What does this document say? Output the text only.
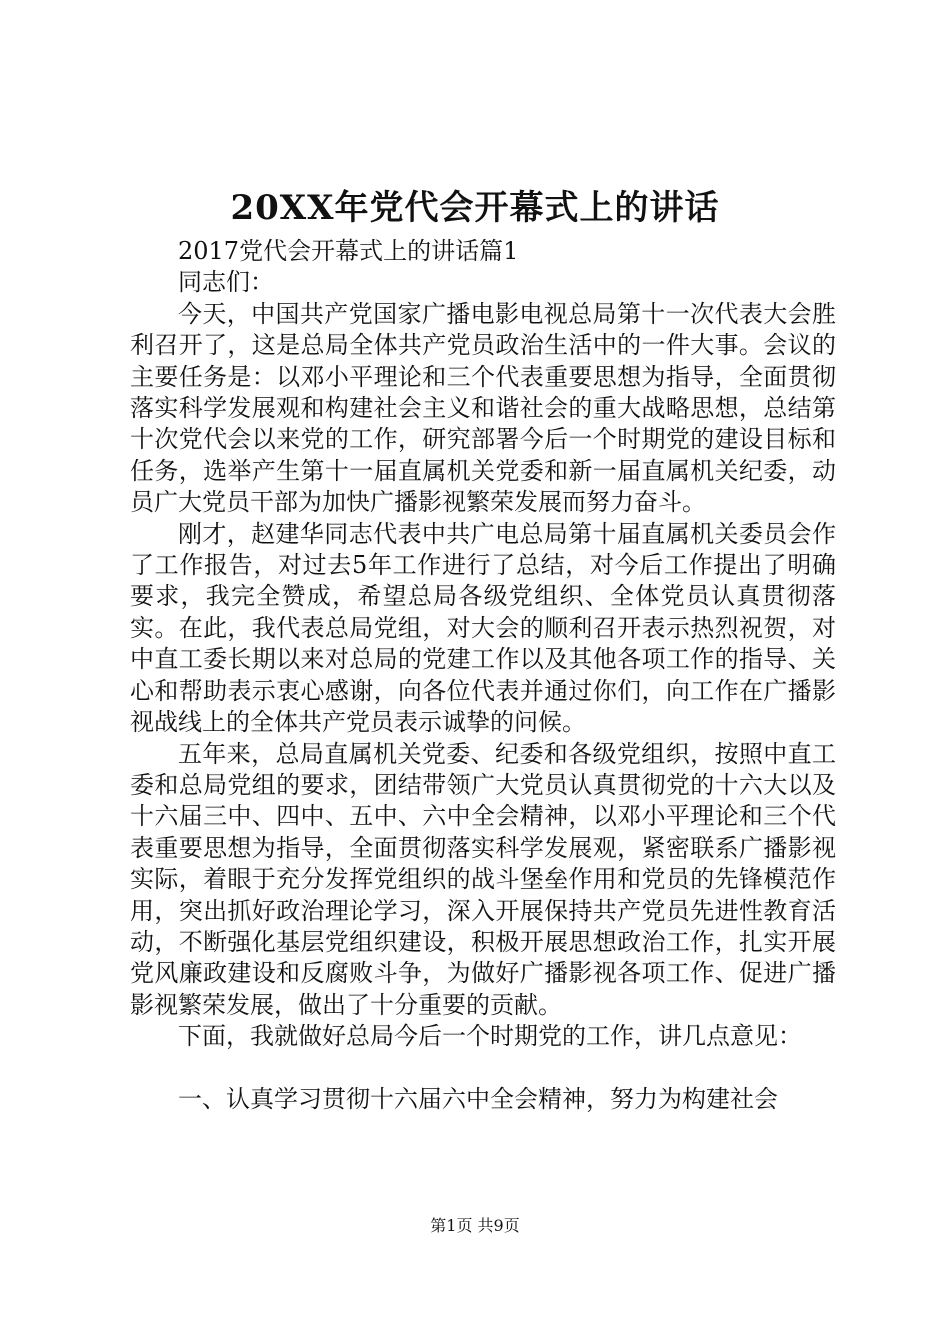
20XX年党代会开幕式上的讲话

2017党代会开幕式上的讲话篇1

同志们：

今天，中国共产党国家广播电影电视总局第十一次代表大会胜利召开了，这是总局全体共产党员政治生活中的一件大事。会议的主要任务是：以邓小平理论和三个代表重要思想为指导，全面贯彻落实科学发展观和构建社会主义和谐社会的重大战略思想，总结第十次党代会以来党的工作，研究部署今后一个时期党的建设目标和任务，选举产生第十一届直属机关党委和新一届直属机关纪委，动员广大党员干部为加快广播影视繁荣发展而努力奋斗。

刚才，赵建华同志代表中共广电总局第十届直属机关委员会作了工作报告，对过去5年工作进行了总结，对今后工作提出了明确要求，我完全赞成，希望总局各级党组织、全体党员认真贯彻落实。在此，我代表总局党组，对大会的顺利召开表示热烈祝贺，对中直工委长期以来对总局的党建工作以及其他各项工作的指导、关心和帮助表示衷心感谢，向各位代表并通过你们，向工作在广播影视战线上的全体共产党员表示诚挚的问候。

五年来，总局直属机关党委、纪委和各级党组织，按照中直工委和总局党组的要求，团结带领广大党员认真贯彻党的十六大以及十六届三中、四中、五中、六中全会精神，以邓小平理论和三个代表重要思想为指导，全面贯彻落实科学发展观，紧密联系广播影视实际，着眼于充分发挥党组织的战斗堡垒作用和党员的先锋模范作用，突出抓好政治理论学习，深入开展保持共产党员先进性教育活动，不断强化基层党组织建设，积极开展思想政治工作，扎实开展党风廉政建设和反腐败斗争，为做好广播影视各项工作、促进广播影视繁荣发展，做出了十分重要的贡献。

下面，我就做好总局今后一个时期党的工作，讲几点意见：

一、认真学习贯彻十六届六中全会精神，努力为构建社会

第1页 共9页
